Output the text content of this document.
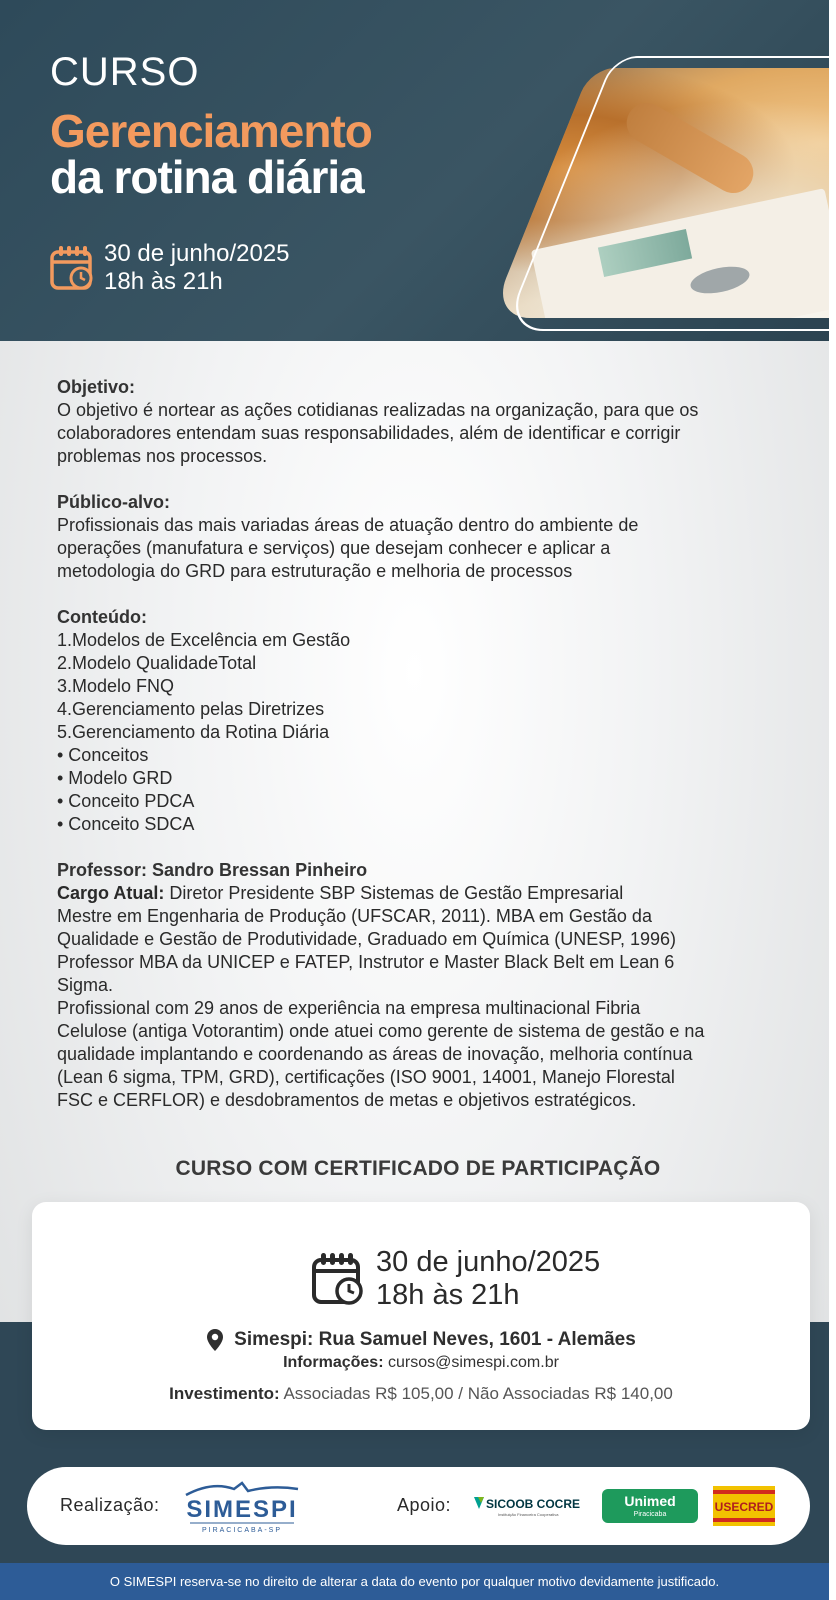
CURSO
Gerenciamento
da rotina diária
30 de junho/2025
18h às 21h
Objetivo:
O objetivo é nortear as ações cotidianas realizadas na organização, para que os
colaboradores entendam suas responsabilidades, além de identificar e corrigir
problemas nos processos.
Público-alvo:
Profissionais das mais variadas áreas de atuação dentro do ambiente de
operações (manufatura e serviços) que desejam conhecer e aplicar a
metodologia do GRD para estruturação e melhoria de processos
Conteúdo:
1.Modelos de Excelência em Gestão
2.Modelo QualidadeTotal
3.Modelo FNQ
4.Gerenciamento pelas Diretrizes
5.Gerenciamento da Rotina Diária
• Conceitos
• Modelo GRD
• Conceito PDCA
• Conceito SDCA
Professor: Sandro Bressan Pinheiro
Cargo Atual: Diretor Presidente SBP Sistemas de Gestão Empresarial
Mestre em Engenharia de Produção (UFSCAR, 2011). MBA em Gestão da
Qualidade e Gestão de Produtividade, Graduado em Química (UNESP, 1996)
Professor MBA da UNICEP e FATEP, Instrutor e Master Black Belt em Lean 6
Sigma.
Profissional com 29 anos de experiência na empresa multinacional Fibria
Celulose (antiga Votorantim) onde atuei como gerente de sistema de gestão e na
qualidade implantando e coordenando as áreas de inovação, melhoria contínua
(Lean 6 sigma, TPM, GRD), certificações (ISO 9001, 14001, Manejo Florestal
FSC e CERFLOR) e desdobramentos de metas e objetivos estratégicos.
CURSO COM CERTIFICADO DE PARTICIPAÇÃO
30 de junho/2025
18h às 21h
Simespi: Rua Samuel Neves, 1601 - Alemães
Informações: cursos@simespi.com.br
Investimento: Associadas R$ 105,00 / Não Associadas R$ 140,00
Realização: SIMESPI
PIRACICABA-SP
Apoio:	SICOOB COCRE
Instituição Financeira Cooperativa
Unimed
Piracicaba
USECRED
O SIMESPI reserva-se no direito de alterar a data do evento por qualquer motivo devidamente justificado.
